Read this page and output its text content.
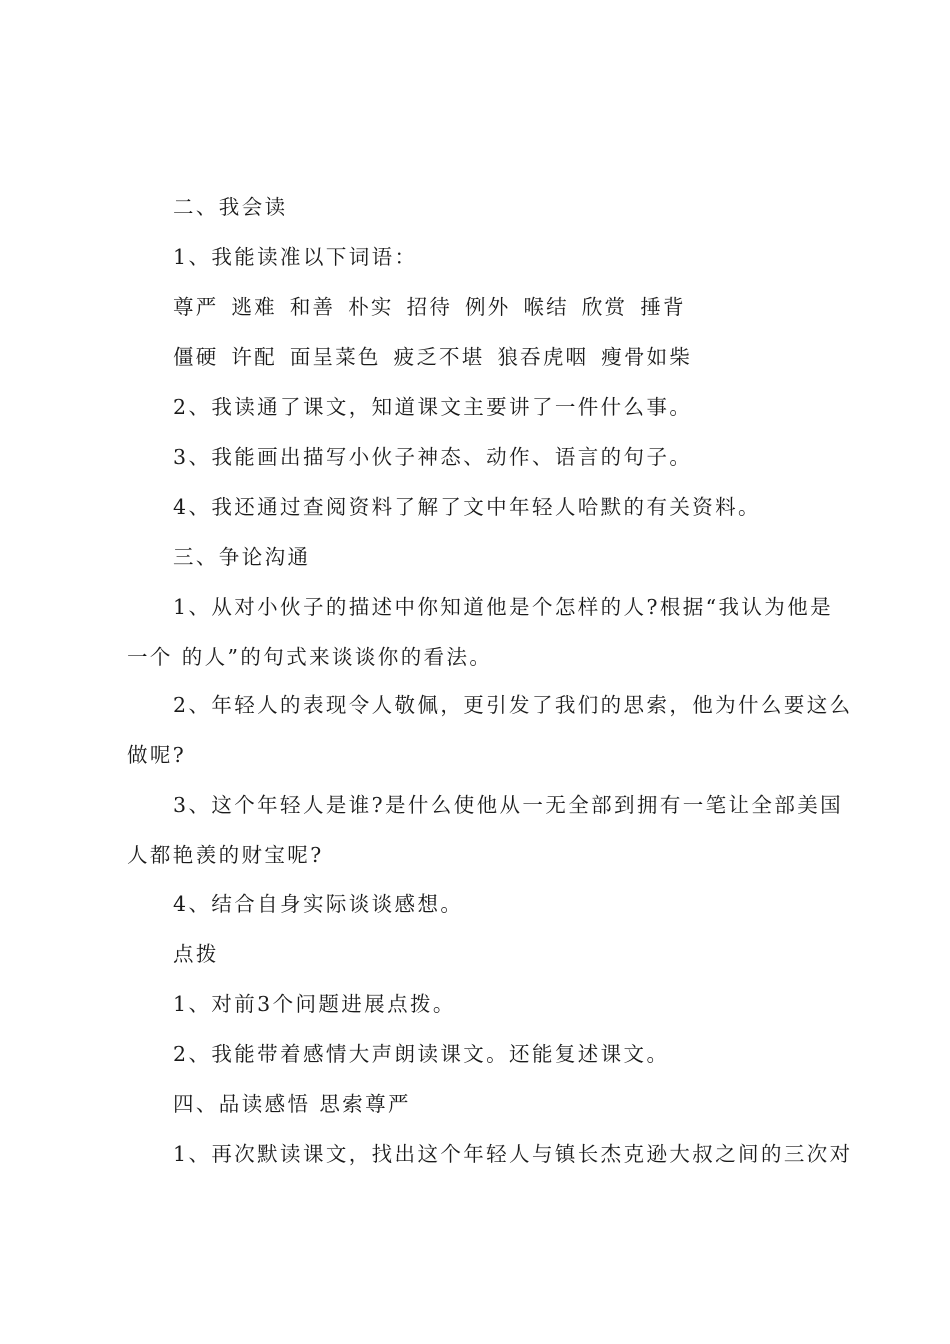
二、我会读
1、我能读准以下词语：
尊严 逃难 和善 朴实 招待 例外 喉结 欣赏 捶背
僵硬 许配 面呈菜色 疲乏不堪 狼吞虎咽 瘦骨如柴
2、我读通了课文，知道课文主要讲了一件什么事。
3、我能画出描写小伙子神态、动作、语言的句子。
4、我还通过查阅资料了解了文中年轻人哈默的有关资料。
三、争论沟通
1、从对小伙子的描述中你知道他是个怎样的人?根据“我认为他是
一个 的人”的句式来谈谈你的看法。
2、年轻人的表现令人敬佩，更引发了我们的思索，他为什么要这么
做呢?
3、这个年轻人是谁?是什么使他从一无全部到拥有一笔让全部美国
人都艳羡的财宝呢?
4、结合自身实际谈谈感想。
点拨
1、对前3个问题进展点拨。
2、我能带着感情大声朗读课文。还能复述课文。
四、品读感悟 思索尊严
1、再次默读课文，找出这个年轻人与镇长杰克逊大叔之间的三次对
